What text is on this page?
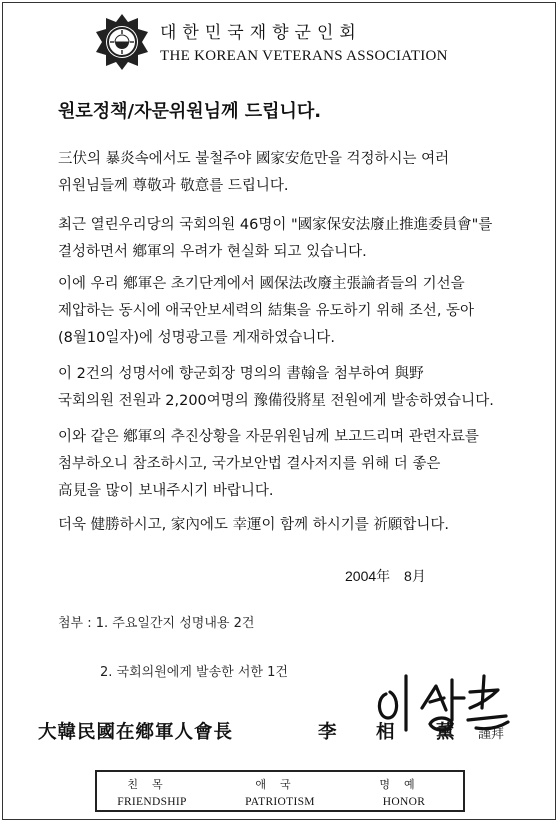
대한민국재향군인회
THE KOREAN VETERANS ASSOCIATION
원로정책/자문위원님께 드립니다.
三伏의 暴炎속에서도 불철주야 國家安危만을 걱정하시는 여러
위원님들께 尊敬과 敬意를 드립니다.
최근 열린우리당의 국회의원 46명이 "國家保安法廢止推進委員會"를
결성하면서 鄕軍의 우려가 현실화 되고 있습니다.
이에 우리 鄕軍은 초기단계에서 國保法改廢主張論者들의 기선을
제압하는 동시에 애국안보세력의 結集을 유도하기 위해 조선, 동아
(8월10일자)에 성명광고를 게재하였습니다.
이 2건의 성명서에 향군회장 명의의 書翰을 첨부하여 與野
국회의원 전원과 2,200여명의 豫備役將星 전원에게 발송하였습니다.
이와 같은 鄕軍의 추진상황을 자문위원님께 보고드리며 관련자료를
첨부하오니 참조하시고, 국가보안법 결사저지를 위해 더 좋은
高見을 많이 보내주시기 바랍니다.
더욱 健勝하시고, 家內에도 幸運이 함께 하시기를 祈願합니다.
2004年 8月
첨부 : 1. 주요일간지 성명내용 2건
2. 국회의원에게 발송한 서한 1건
大韓民國在鄕軍人會長	李 相 薰 謹拜
친목
FRIENDSHIP
애국
PATRIOTISM
명예
HONOR
